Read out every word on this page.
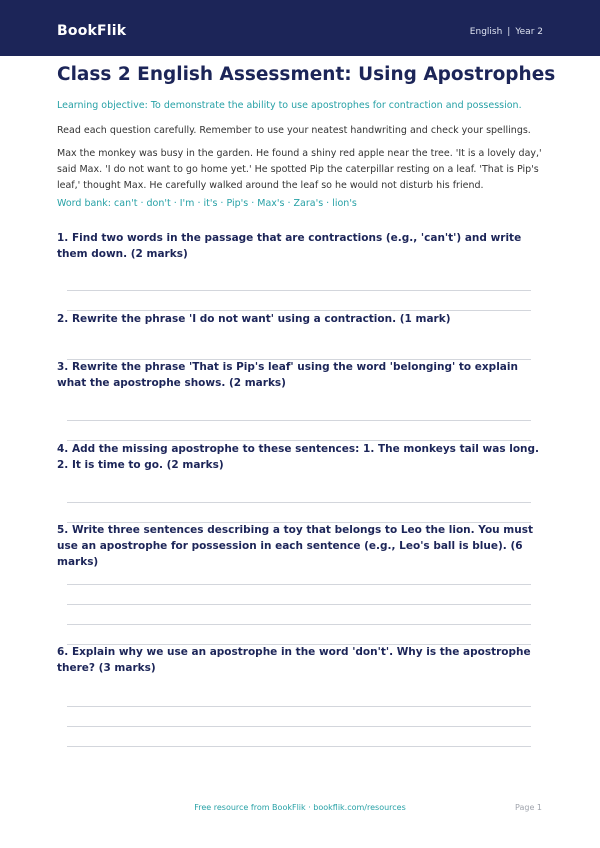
BookFlik	English | Year 2
Class 2 English Assessment: Using Apostrophes
Learning objective: To demonstrate the ability to use apostrophes for contraction and possession.
Read each question carefully. Remember to use your neatest handwriting and check your spellings.
Max the monkey was busy in the garden. He found a shiny red apple near the tree. 'It is a lovely day,' said Max. 'I do not want to go home yet.' He spotted Pip the caterpillar resting on a leaf. 'That is Pip's leaf,' thought Max. He carefully walked around the leaf so he would not disturb his friend.
Word bank: can't · don't · I'm · it's · Pip's · Max's · Zara's · lion's
1. Find two words in the passage that are contractions (e.g., 'can't') and write them down. (2 marks)
2. Rewrite the phrase 'I do not want' using a contraction. (1 mark)
3. Rewrite the phrase 'That is Pip's leaf' using the word 'belonging' to explain what the apostrophe shows. (2 marks)
4. Add the missing apostrophe to these sentences: 1. The monkeys tail was long. 2. It is time to go. (2 marks)
5. Write three sentences describing a toy that belongs to Leo the lion. You must use an apostrophe for possession in each sentence (e.g., Leo's ball is blue). (6 marks)
6. Explain why we use an apostrophe in the word 'don't'. Why is the apostrophe there? (3 marks)
Free resource from BookFlik · bookflik.com/resources	Page 1
